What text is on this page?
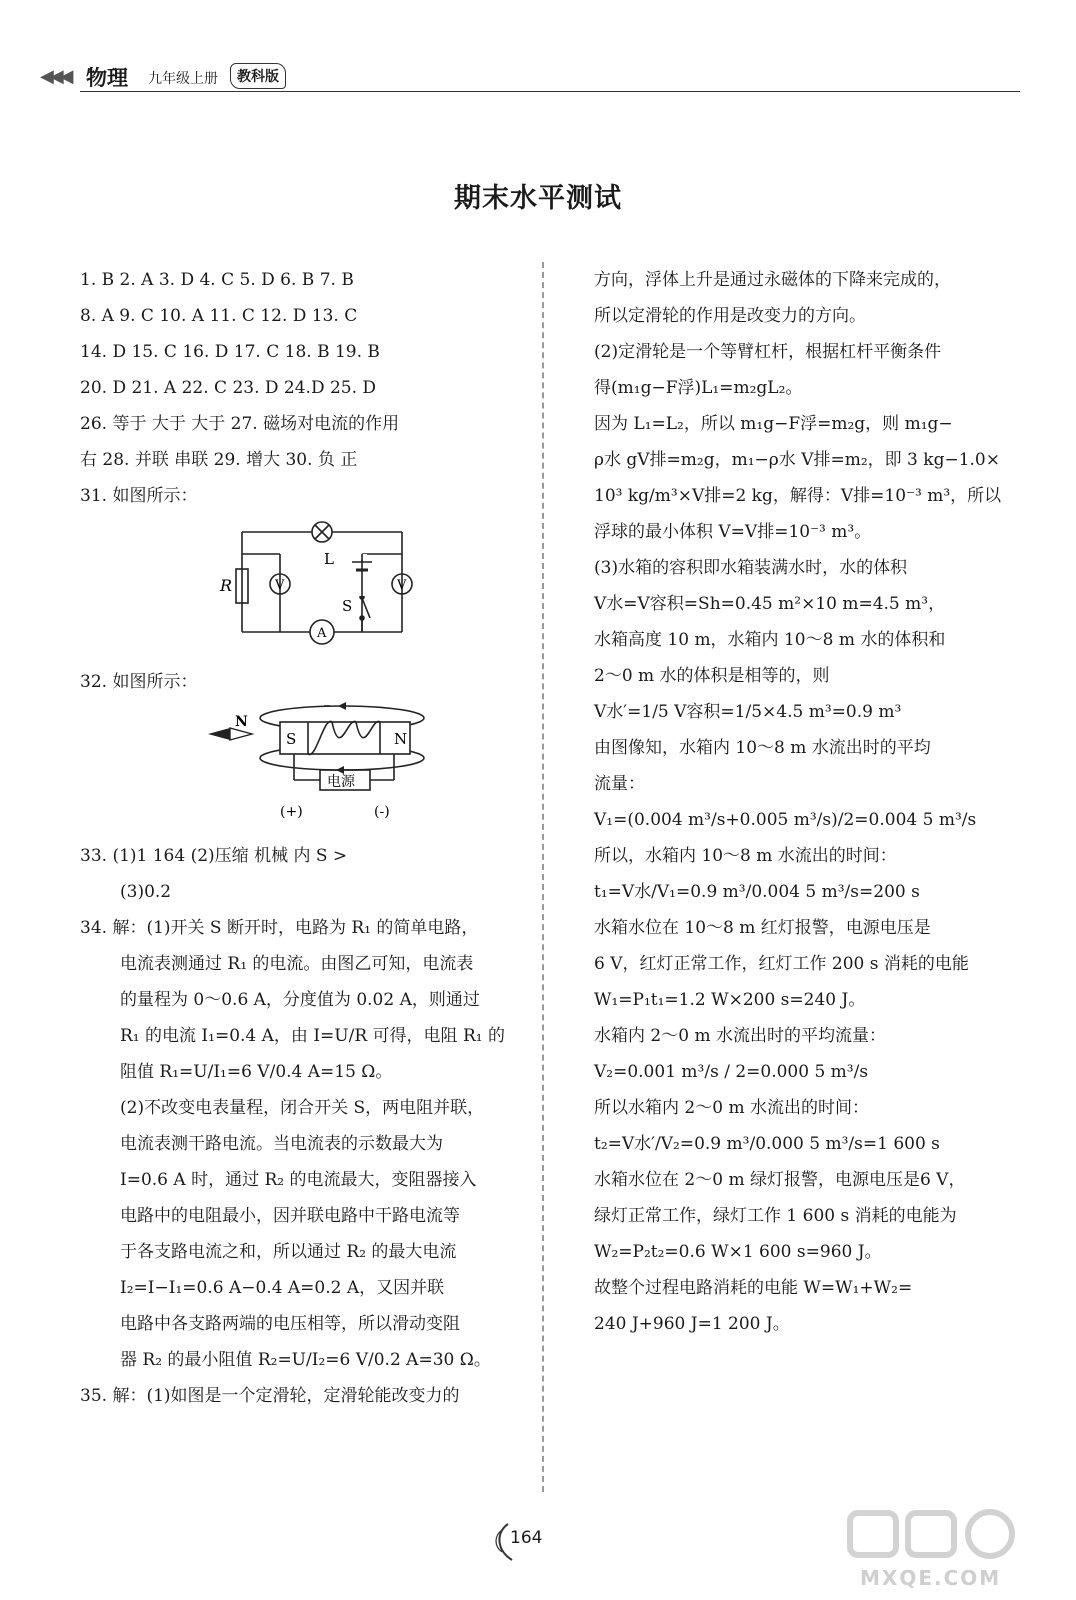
◀◀◀ 物理 九年级上册	教科版
期末水平测试
1. B 2. A 3. D 4. C 5. D 6. B 7. B
8. A 9. C 10. A 11. C 12. D 13. C
14. D 15. C 16. D 17. C 18. B 19. B
20. D 21. A 22. C 23. D 24.D 25. D
26. 等于 大于 大于 27. 磁场对电流的作用
右 28. 并联 串联 29. 增大 30. 负 正
31. 如图所示：
R
L
S
V	V
A
32. 如图所示：
N
S	N
电源
(+)	(-)
33. (1)1 164 (2)压缩 机械 内 S >
(3)0.2
34. 解：(1)开关 S 断开时，电路为 R₁ 的简单电路，
电流表测通过 R₁ 的电流。由图乙可知，电流表
的量程为 0～0.6 A，分度值为 0.02 A，则通过
R₁ 的电流 I₁=0.4 A，由 I=U/R 可得，电阻 R₁ 的
阻值 R₁=U/I₁=6 V/0.4 A=15 Ω。
(2)不改变电表量程，闭合开关 S，两电阻并联，
电流表测干路电流。当电流表的示数最大为
I=0.6 A 时，通过 R₂ 的电流最大，变阻器接入
电路中的电阻最小，因并联电路中干路电流等
于各支路电流之和，所以通过 R₂ 的最大电流
I₂=I−I₁=0.6 A−0.4 A=0.2 A，又因并联
电路中各支路两端的电压相等，所以滑动变阻
器 R₂ 的最小阻值 R₂=U/I₂=6 V/0.2 A=30 Ω。
35. 解：(1)如图是一个定滑轮，定滑轮能改变力的
方向，浮体上升是通过永磁体的下降来完成的，
所以定滑轮的作用是改变力的方向。
(2)定滑轮是一个等臂杠杆，根据杠杆平衡条件
得(m₁g−F浮)L₁=m₂gL₂。
因为 L₁=L₂，所以 m₁g−F浮=m₂g，则 m₁g−
ρ水 gV排=m₂g，m₁−ρ水 V排=m₂，即 3 kg−1.0×
10³ kg/m³×V排=2 kg，解得：V排=10⁻³ m³，所以
浮球的最小体积 V=V排=10⁻³ m³。
(3)水箱的容积即水箱装满水时，水的体积
V水=V容积=Sh=0.45 m²×10 m=4.5 m³，
水箱高度 10 m，水箱内 10～8 m 水的体积和
2～0 m 水的体积是相等的，则
V水′=1/5 V容积=1/5×4.5 m³=0.9 m³
由图像知，水箱内 10～8 m 水流出时的平均
流量：
V₁=(0.004 m³/s+0.005 m³/s)/2=0.004 5 m³/s
所以，水箱内 10～8 m 水流出的时间：
t₁=V水/V₁=0.9 m³/0.004 5 m³/s=200 s
水箱水位在 10～8 m 红灯报警，电源电压是
6 V，红灯正常工作，红灯工作 200 s 消耗的电能
W₁=P₁t₁=1.2 W×200 s=240 J。
水箱内 2～0 m 水流出时的平均流量：
V₂=0.001 m³/s / 2=0.000 5 m³/s
所以水箱内 2～0 m 水流出的时间：
t₂=V水′/V₂=0.9 m³/0.000 5 m³/s=1 600 s
水箱水位在 2～0 m 绿灯报警，电源电压是6 V，
绿灯正常工作，绿灯工作 1 600 s 消耗的电能为
W₂=P₂t₂=0.6 W×1 600 s=960 J。
故整个过程电路消耗的电能 W=W₁+W₂=
240 J+960 J=1 200 J。
164
MXQE.COM
